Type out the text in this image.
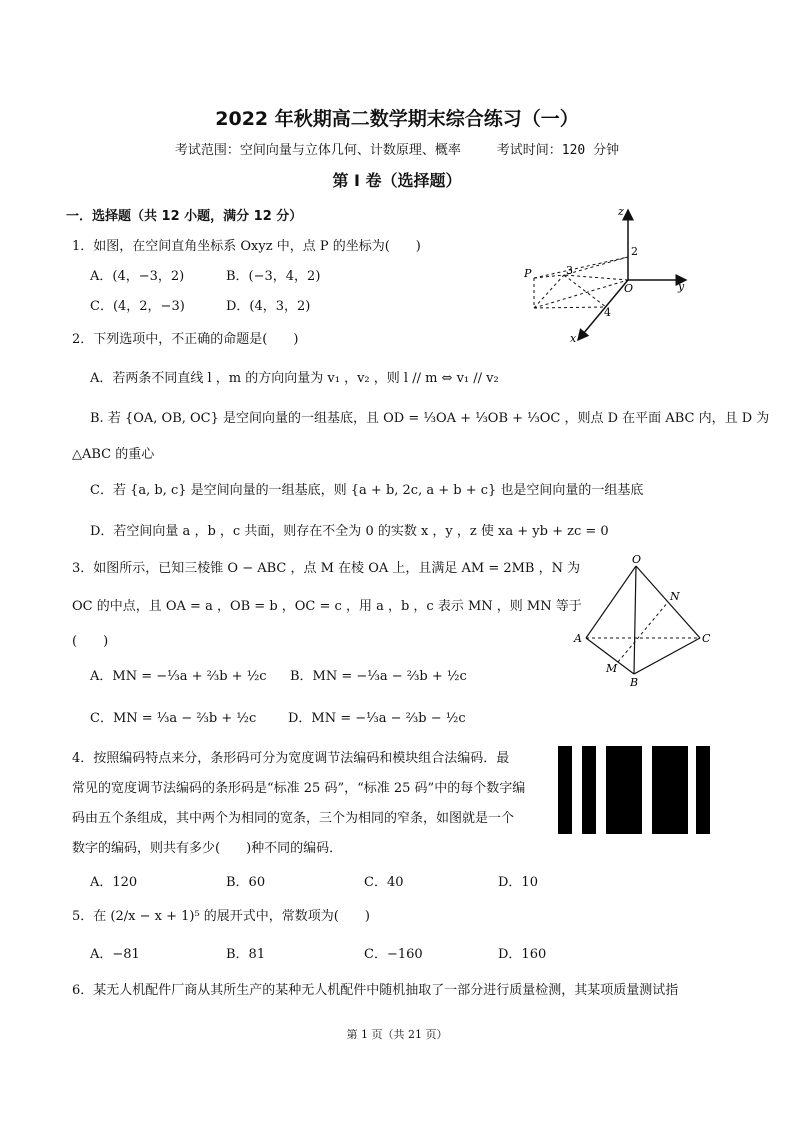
2022 年秋期高二数学期末综合练习（一）
考试范围：空间向量与立体几何、计数原理、概率	考试时间：120 分钟
第 I 卷（选择题）
一．选择题（共 12 小题，满分 12 分）
1．如图，在空间直角坐标系 Oxyz 中，点 P 的坐标为(　　)
A．(4，−3，2)	B．(−3，4，2)
C．(4，2，−3)	D．(4，3，2)
z
y
x
O
P
2
3
4
2．下列选项中，不正确的命题是(　　)
A．若两条不同直线 l ，m 的方向向量为 v₁ ，v₂ ，则 l // m ⇔ v₁ // v₂
B. 若 {OA, OB, OC} 是空间向量的一组基底，且 OD = ⅓OA + ⅓OB + ⅓OC ，则点 D 在平面 ABC 内，且 D 为
△ABC 的重心
C．若 {a, b, c} 是空间向量的一组基底，则 {a + b, 2c, a + b + c} 也是空间向量的一组基底
D．若空间向量 a ，b ，c 共面，则存在不全为 0 的实数 x ，y ，z 使 xa + yb + zc = 0
3．如图所示，已知三棱锥 O − ABC ，点 M 在棱 OA 上，且满足 AM = 2MB ，N 为
OC 的中点，且 OA = a ，OB = b ，OC = c ，用 a ，b ，c 表示 MN ，则 MN 等于
(　　)
A．MN = −⅓a + ⅔b + ½c B．MN = −⅓a − ⅔b + ½c
C．MN = ⅓a − ⅔b + ½c D．MN = −⅓a − ⅔b − ½c
O
N
A	C
M
B
4．按照编码特点来分，条形码可分为宽度调节法编码和模块组合法编码．最
常见的宽度调节法编码的条形码是“标准 25 码”，“标准 25 码”中的每个数字编
码由五个条组成，其中两个为相同的宽条，三个为相同的窄条，如图就是一个
数字的编码，则共有多少(　　)种不同的编码．
A．120	B．60	C．40	D．10
5．在 (2/x − x + 1)⁵ 的展开式中，常数项为(　　)
A．−81	B．81	C．−160	D．160
6．某无人机配件厂商从其所生产的某种无人机配件中随机抽取了一部分进行质量检测，其某项质量测试指
第 1 页（共 21 页）
